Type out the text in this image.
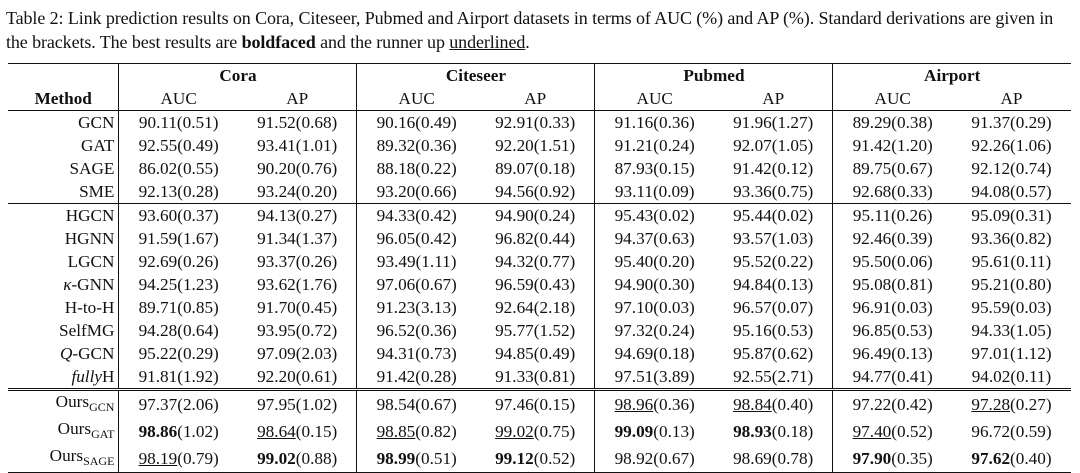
Table 2: Link prediction results on Cora, Citeseer, Pubmed and Airport datasets in terms of AUC (%) and AP (%). Standard derivations are given in the brackets. The best results are boldfaced and the runner up underlined.
	Cora		Citeseer		Pubmed		Airport	
Method	AUC	AP	AUC	AP	AUC	AP	AUC	AP
GCN	90.11(0.51)	91.52(0.68)	90.16(0.49)	92.91(0.33)	91.16(0.36)	91.96(1.27)	89.29(0.38)	91.37(0.29)
GAT	92.55(0.49)	93.41(1.01)	89.32(0.36)	92.20(1.51)	91.21(0.24)	92.07(1.05)	91.42(1.20)	92.26(1.06)
SAGE	86.02(0.55)	90.20(0.76)	88.18(0.22)	89.07(0.18)	87.93(0.15)	91.42(0.12)	89.75(0.67)	92.12(0.74)
SME	92.13(0.28)	93.24(0.20)	93.20(0.66)	94.56(0.92)	93.11(0.09)	93.36(0.75)	92.68(0.33)	94.08(0.57)
HGCN	93.60(0.37)	94.13(0.27)	94.33(0.42)	94.90(0.24)	95.43(0.02)	95.44(0.02)	95.11(0.26)	95.09(0.31)
HGNN	91.59(1.67)	91.34(1.37)	96.05(0.42)	96.82(0.44)	94.37(0.63)	93.57(1.03)	92.46(0.39)	93.36(0.82)
LGCN	92.69(0.26)	93.37(0.26)	93.49(1.11)	94.32(0.77)	95.40(0.20)	95.52(0.22)	95.50(0.06)	95.61(0.11)
κ-GNN	94.25(1.23)	93.62(1.76)	97.06(0.67)	96.59(0.43)	94.90(0.30)	94.84(0.13)	95.08(0.81)	95.21(0.80)
H-to-H	89.71(0.85)	91.70(0.45)	91.23(3.13)	92.64(2.18)	97.10(0.03)	96.57(0.07)	96.91(0.03)	95.59(0.03)
SelfMG	94.28(0.64)	93.95(0.72)	96.52(0.36)	95.77(1.52)	97.32(0.24)	95.16(0.53)	96.85(0.53)	94.33(1.05)
Q-GCN	95.22(0.29)	97.09(2.03)	94.31(0.73)	94.85(0.49)	94.69(0.18)	95.87(0.62)	96.49(0.13)	97.01(1.12)
fullyH	91.81(1.92)	92.20(0.61)	91.42(0.28)	91.33(0.81)	97.51(3.89)	92.55(2.71)	94.77(0.41)	94.02(0.11)
Ours$_{GCN}$	97.37(2.06)	97.95(1.02)	98.54(0.67)	97.46(0.15)	98.96(0.36)	98.84(0.40)	97.22(0.42)	97.28(0.27)
Ours$_{GAT}$	98.86(1.02)	98.64(0.15)	98.85(0.82)	99.02(0.75)	99.09(0.13)	98.93(0.18)	97.40(0.52)	96.72(0.59)
Ours$_{SAGE}$	98.19(0.79)	99.02(0.88)	98.99(0.51)	99.12(0.52)	98.92(0.67)	98.69(0.78)	97.90(0.35)	97.62(0.40)
